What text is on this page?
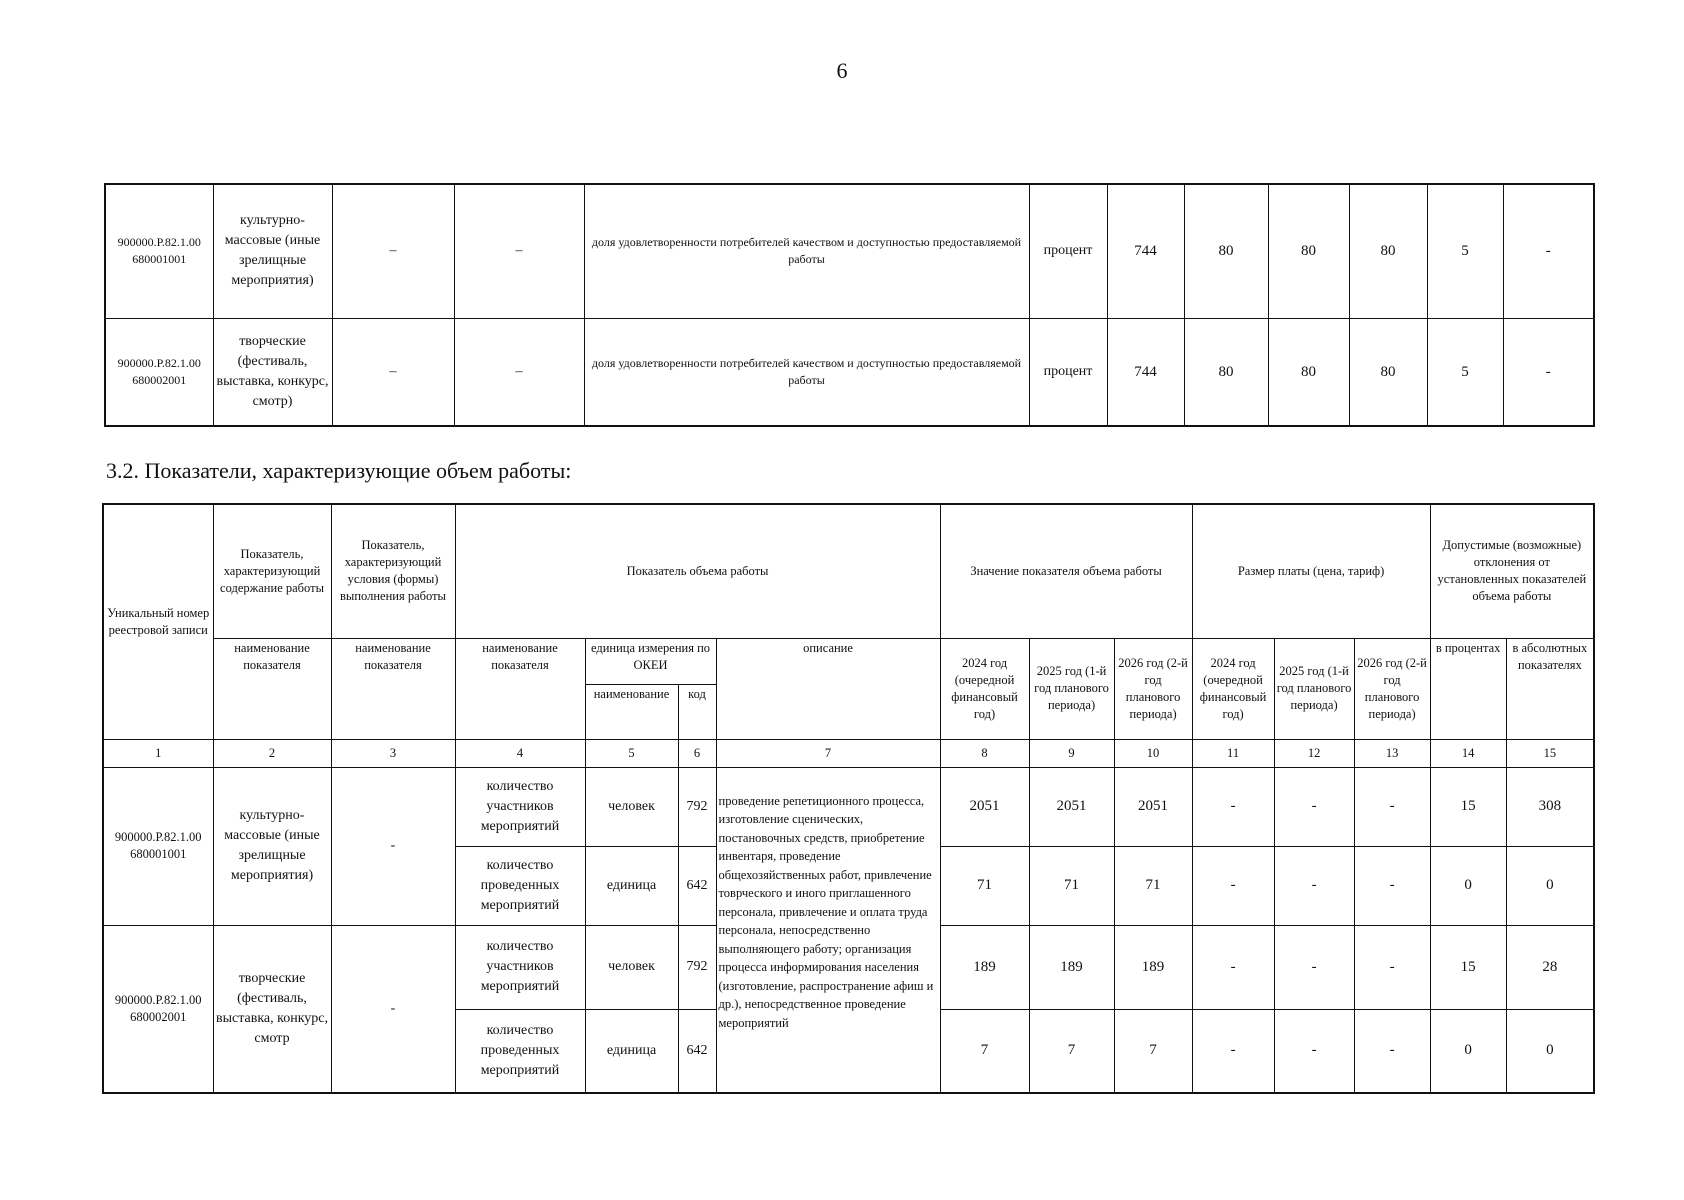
6
900000.Р.82.1.00 680001001	культурно-массовые (иные зрелищные мероприятия)	–	–	доля удовлетворенности потребителей качеством и доступностью предоставляемой работы	процент	744	80	80	80	5	-
900000.Р.82.1.00 680002001	творческие (фестиваль, выставка, конкурс, смотр)	–	–	доля удовлетворенности потребителей качеством и доступностью предоставляемой работы	процент	744	80	80	80	5	-
3.2. Показатели, характеризующие объем работы:
Уникальный номер реестровой записи	Показатель, характеризующий содержание работы	Показатель, характеризующий условия (формы) выполнения работы	Показатель объема работы				Значение показателя объема работы			Размер платы (цена, тариф)			Допустимые (возможные) отклонения от установленных показателей объема работы	
	наименование показателя	наименование показателя	наименование показателя	единица измерения по ОКЕИ		описание	2024 год (очередной финансовый год)	2025 год (1-й год планового периода)	2026 год (2-й год планового периода)	2024 год (очередной финансовый год)	2025 год (1-й год планового периода)	2026 год (2-й год планового периода)	в процентах	в абсолютных показателях
				наименование	код									
1	2	3	4	5	6	7	8	9	10	11	12	13	14	15
900000.Р.82.1.00 680001001	культурно-массовые (иные зрелищные мероприятия)	-	количество участников мероприятий	человек	792	проведение репетиционного процесса, изготовление сценических, постановочных средств, приобретение инвентаря, проведение общехозяйственных работ, привлечение товрческого и иного приглашенного персонала, привлечение и оплата труда персонала, непосредственно выполняющего работу; организация процесса информирования населения (изготовление, распространение афиш и др.), непосредственное проведение мероприятий	2051	2051	2051	-	-	-	15	308
			количество проведенных мероприятий	единица	642		71	71	71	-	-	-	0	0
900000.Р.82.1.00 680002001	творческие (фестиваль, выставка, конкурс, смотр	-	количество участников мероприятий	человек	792		189	189	189	-	-	-	15	28
			количество проведенных мероприятий	единица	642		7	7	7	-	-	-	0	0
